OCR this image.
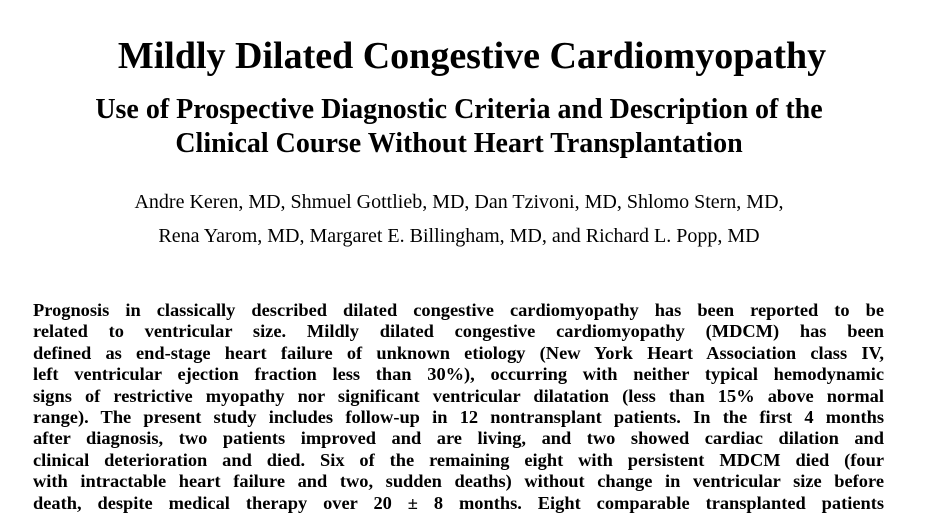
Mildly Dilated Congestive Cardiomyopathy
Use of Prospective Diagnostic Criteria and Description of the
Clinical Course Without Heart Transplantation
Andre Keren, MD, Shmuel Gottlieb, MD, Dan Tzivoni, MD, Shlomo Stern, MD,
Rena Yarom, MD, Margaret E. Billingham, MD, and Richard L. Popp, MD
Prognosis in classically described dilated congestive cardiomyopathy has been reported to be
related to ventricular size. Mildly dilated congestive cardiomyopathy (MDCM) has been
defined as end-stage heart failure of unknown etiology (New York Heart Association class IV,
left ventricular ejection fraction less than 30%), occurring with neither typical hemodynamic
signs of restrictive myopathy nor significant ventricular dilatation (less than 15% above normal
range). The present study includes follow-up in 12 nontransplant patients. In the first 4 months
after diagnosis, two patients improved and are living, and two showed cardiac dilation and
clinical deterioration and died. Six of the remaining eight with persistent MDCM died (four
with intractable heart failure and two, sudden deaths) without change in ventricular size before
death, despite medical therapy over 20 ± 8 months. Eight comparable transplanted patients
